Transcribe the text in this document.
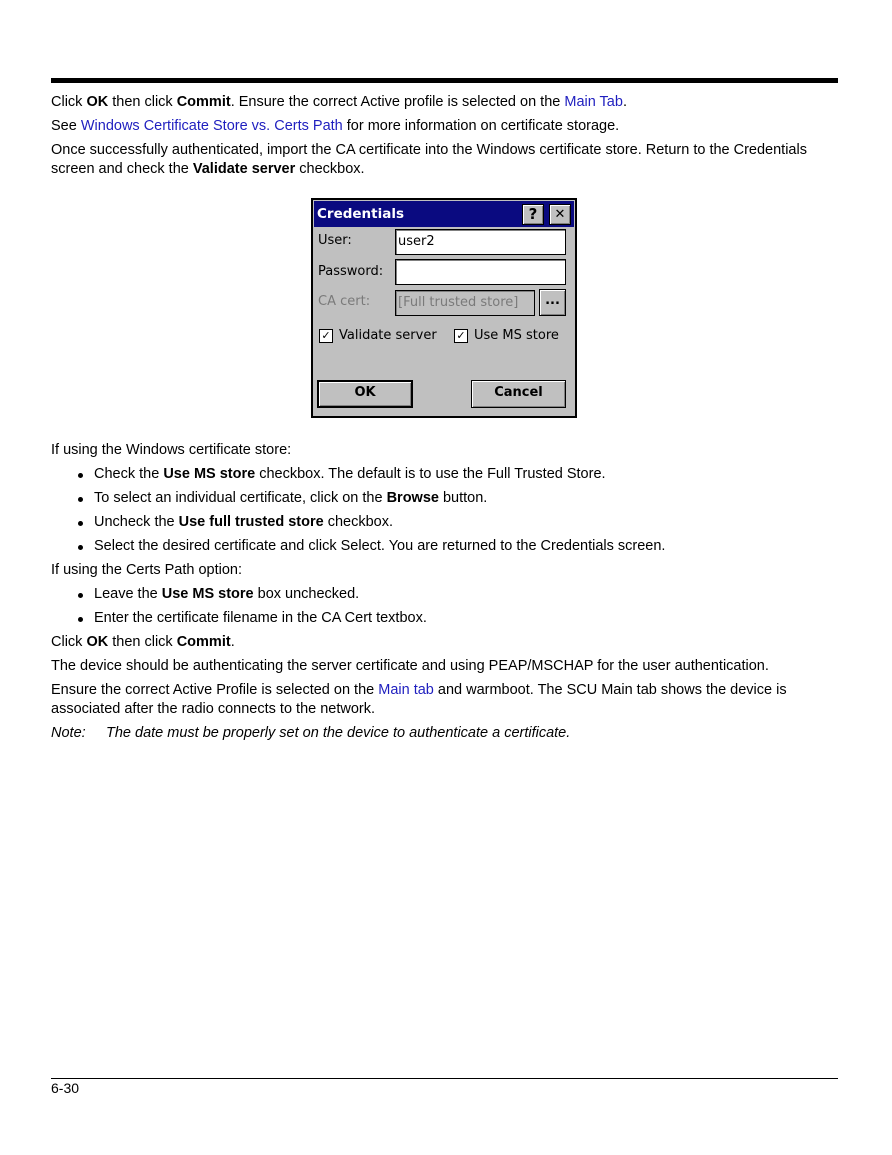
Click OK then click Commit. Ensure the correct Active profile is selected on the Main Tab.

See Windows Certificate Store vs. Certs Path for more information on certificate storage.

Once successfully authenticated, import the CA certificate into the Windows certificate store. Return to the Credentials screen and check the Validate server checkbox.

If using the Windows certificate store:

Check the Use MS store checkbox. The default is to use the Full Trusted Store.
To select an individual certificate, click on the Browse button.
Uncheck the Use full trusted store checkbox.
Select the desired certificate and click Select. You are returned to the Credentials screen.

If using the Certs Path option:

Leave the Use MS store box unchecked.
Enter the certificate filename in the CA Cert textbox.

Click OK then click Commit.

The device should be authenticating the server certificate and using PEAP/MSCHAP for the user authentication.

Ensure the correct Active Profile is selected on the Main tab and warmboot. The SCU Main tab shows the device is associated after the radio connects to the network.

Note: The date must be properly set on the device to authenticate a certificate.

Credentials	?	✕
User:	user2
Password:
CA cert: [Full trusted store]	...
✓ Validate server ✓ Use MS store
OK	Cancel
6-30
